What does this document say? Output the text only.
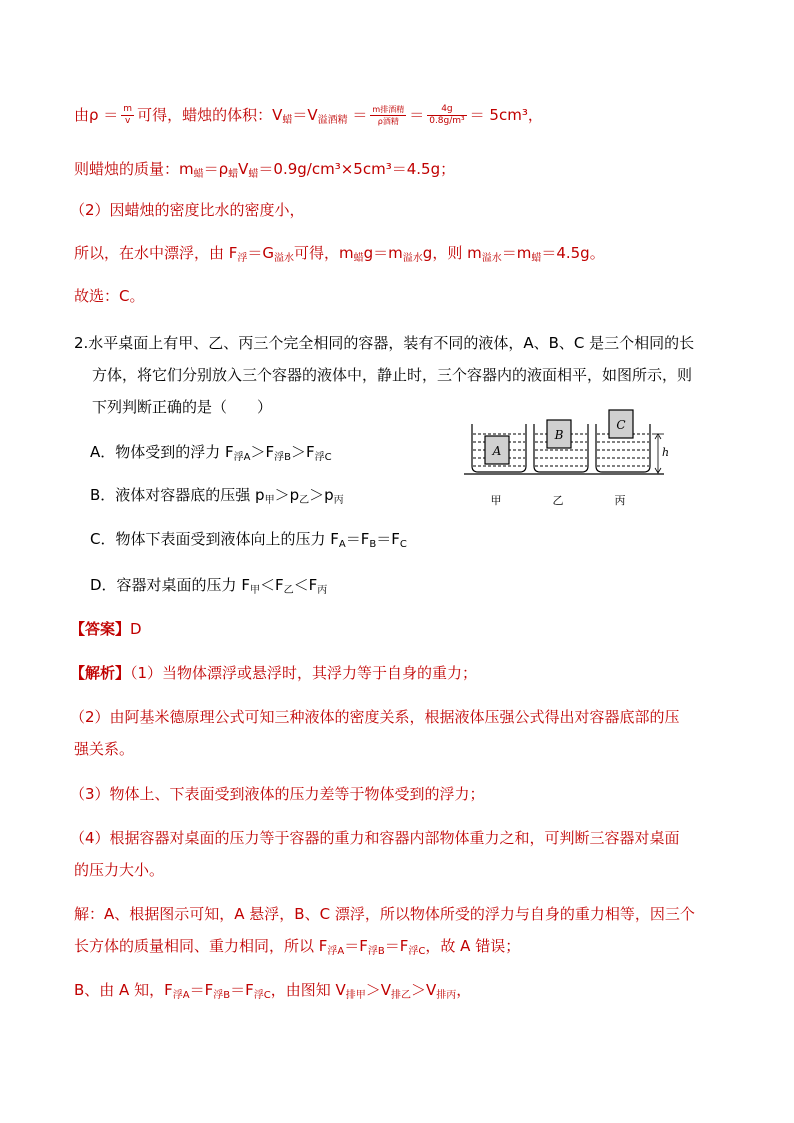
由$\rho = \frac{m}{v}$ 可得，蜡烛的体积：$V_蜡=V_{溢酒精} = \frac{\text{m排酒精}}{\text{ρ酒精}} = \frac{4g}{\text{0.8g/m³}} = 5cm^3$，
则蜡烛的质量：$m_蜡=\rho_蜡V_蜡=0.9g/cm^3\times 5cm^3=4.5g$；
（2）因蜡烛的密度比水的密度小，
所以，在水中漂浮，由 $F_浮=G_{溢水}$可得，$m_蜡g=m_{溢水}g$，则 $m_{溢水}=m_蜡=4.5g$。
故选：C。
2.水平桌面上有甲、乙、丙三个完全相同的容器，装有不同的液体，A、B、C 是三个相同的长
方体，将它们分别放入三个容器的液体中，静止时，三个容器内的液面相平，如图所示，则
下列判断正确的是（　　）
A．物体受到的浮力 $F_{浮A}>F_{浮B}>F_{浮C}$
B．液体对容器底的压强 $p_甲>p_乙>p_丙$
C．物体下表面受到液体向上的压力 $F_A=F_B=F_C$
D．容器对桌面的压力 $F_甲<F_乙<F_丙$
A
B
C
h
甲	乙	丙
【答案】D
【解析】（1）当物体漂浮或悬浮时，其浮力等于自身的重力；
（2）由阿基米德原理公式可知三种液体的密度关系，根据液体压强公式得出对容器底部的压
强关系。
（3）物体上、下表面受到液体的压力差等于物体受到的浮力；
（4）根据容器对桌面的压力等于容器的重力和容器内部物体重力之和，可判断三容器对桌面
的压力大小。
解：A、根据图示可知，A 悬浮，B、C 漂浮，所以物体所受的浮力与自身的重力相等，因三个
长方体的质量相同、重力相同，所以 $F_{浮A}=F_{浮B}=F_{浮C}$，故 A 错误；
B、由 A 知，$F_{浮A}=F_{浮B}=F_{浮C}$，由图知 $V_{排甲}>V_{排乙}>V_{排丙}$，
